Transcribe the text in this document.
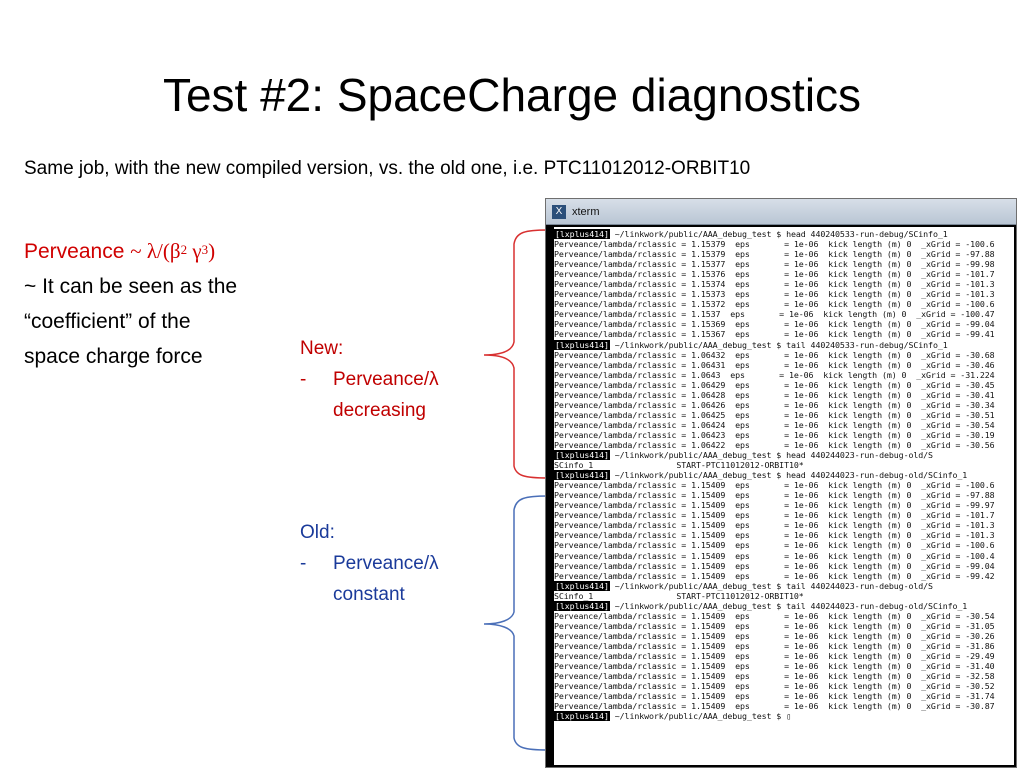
Test #2: SpaceCharge diagnostics
Same job, with the new compiled version, vs. the old one, i.e. PTC11012012-ORBIT10
Perveance ~ $\lambda/(\beta^2$ $\gamma^3$)
~ It can be seen as the
“coefficient” of the
space charge force	New:
-	Perveance/λ
decreasing
Old:
-	Perveance/λ
constant
X xterm
[lxplus414] ~/linkwork/public/AAA_debug_test $ head 440240533-run-debug/SCinfo_1
Perveance/lambda/rclassic = 1.15379  eps       = 1e-06  kick length (m) 0  _xGrid = -100.6
Perveance/lambda/rclassic = 1.15379  eps       = 1e-06  kick length (m) 0  _xGrid = -97.88
Perveance/lambda/rclassic = 1.15377  eps       = 1e-06  kick length (m) 0  _xGrid = -99.98
Perveance/lambda/rclassic = 1.15376  eps       = 1e-06  kick length (m) 0  _xGrid = -101.7
Perveance/lambda/rclassic = 1.15374  eps       = 1e-06  kick length (m) 0  _xGrid = -101.3
Perveance/lambda/rclassic = 1.15373  eps       = 1e-06  kick length (m) 0  _xGrid = -101.3
Perveance/lambda/rclassic = 1.15372  eps       = 1e-06  kick length (m) 0  _xGrid = -100.6
Perveance/lambda/rclassic = 1.1537  eps       = 1e-06  kick length (m) 0  _xGrid = -100.47
Perveance/lambda/rclassic = 1.15369  eps       = 1e-06  kick length (m) 0  _xGrid = -99.04
Perveance/lambda/rclassic = 1.15367  eps       = 1e-06  kick length (m) 0  _xGrid = -99.41
[lxplus414] ~/linkwork/public/AAA_debug_test $ tail 440240533-run-debug/SCinfo_1
Perveance/lambda/rclassic = 1.06432  eps       = 1e-06  kick length (m) 0  _xGrid = -30.68
Perveance/lambda/rclassic = 1.06431  eps       = 1e-06  kick length (m) 0  _xGrid = -30.46
Perveance/lambda/rclassic = 1.0643  eps       = 1e-06  kick length (m) 0  _xGrid = -31.224
Perveance/lambda/rclassic = 1.06429  eps       = 1e-06  kick length (m) 0  _xGrid = -30.45
Perveance/lambda/rclassic = 1.06428  eps       = 1e-06  kick length (m) 0  _xGrid = -30.41
Perveance/lambda/rclassic = 1.06426  eps       = 1e-06  kick length (m) 0  _xGrid = -30.34
Perveance/lambda/rclassic = 1.06425  eps       = 1e-06  kick length (m) 0  _xGrid = -30.51
Perveance/lambda/rclassic = 1.06424  eps       = 1e-06  kick length (m) 0  _xGrid = -30.54
Perveance/lambda/rclassic = 1.06423  eps       = 1e-06  kick length (m) 0  _xGrid = -30.19
Perveance/lambda/rclassic = 1.06422  eps       = 1e-06  kick length (m) 0  _xGrid = -30.56
[lxplus414] ~/linkwork/public/AAA_debug_test $ head 440244023-run-debug-old/S
SCinfo_1                 START-PTC11012012-ORBIT10*
[lxplus414] ~/linkwork/public/AAA_debug_test $ head 440244023-run-debug-old/SCinfo_1
Perveance/lambda/rclassic = 1.15409  eps       = 1e-06  kick length (m) 0  _xGrid = -100.6
Perveance/lambda/rclassic = 1.15409  eps       = 1e-06  kick length (m) 0  _xGrid = -97.88
Perveance/lambda/rclassic = 1.15409  eps       = 1e-06  kick length (m) 0  _xGrid = -99.97
Perveance/lambda/rclassic = 1.15409  eps       = 1e-06  kick length (m) 0  _xGrid = -101.7
Perveance/lambda/rclassic = 1.15409  eps       = 1e-06  kick length (m) 0  _xGrid = -101.3
Perveance/lambda/rclassic = 1.15409  eps       = 1e-06  kick length (m) 0  _xGrid = -101.3
Perveance/lambda/rclassic = 1.15409  eps       = 1e-06  kick length (m) 0  _xGrid = -100.6
Perveance/lambda/rclassic = 1.15409  eps       = 1e-06  kick length (m) 0  _xGrid = -100.4
Perveance/lambda/rclassic = 1.15409  eps       = 1e-06  kick length (m) 0  _xGrid = -99.04
Perveance/lambda/rclassic = 1.15409  eps       = 1e-06  kick length (m) 0  _xGrid = -99.42
[lxplus414] ~/linkwork/public/AAA_debug_test $ tail 440244023-run-debug-old/S
SCinfo_1                 START-PTC11012012-ORBIT10*
[lxplus414] ~/linkwork/public/AAA_debug_test $ tail 440244023-run-debug-old/SCinfo_1
Perveance/lambda/rclassic = 1.15409  eps       = 1e-06  kick length (m) 0  _xGrid = -30.54
Perveance/lambda/rclassic = 1.15409  eps       = 1e-06  kick length (m) 0  _xGrid = -31.05
Perveance/lambda/rclassic = 1.15409  eps       = 1e-06  kick length (m) 0  _xGrid = -30.26
Perveance/lambda/rclassic = 1.15409  eps       = 1e-06  kick length (m) 0  _xGrid = -31.86
Perveance/lambda/rclassic = 1.15409  eps       = 1e-06  kick length (m) 0  _xGrid = -29.49
Perveance/lambda/rclassic = 1.15409  eps       = 1e-06  kick length (m) 0  _xGrid = -31.40
Perveance/lambda/rclassic = 1.15409  eps       = 1e-06  kick length (m) 0  _xGrid = -32.58
Perveance/lambda/rclassic = 1.15409  eps       = 1e-06  kick length (m) 0  _xGrid = -30.52
Perveance/lambda/rclassic = 1.15409  eps       = 1e-06  kick length (m) 0  _xGrid = -31.74
Perveance/lambda/rclassic = 1.15409  eps       = 1e-06  kick length (m) 0  _xGrid = -30.87
[lxplus414] ~/linkwork/public/AAA_debug_test $ ▯
